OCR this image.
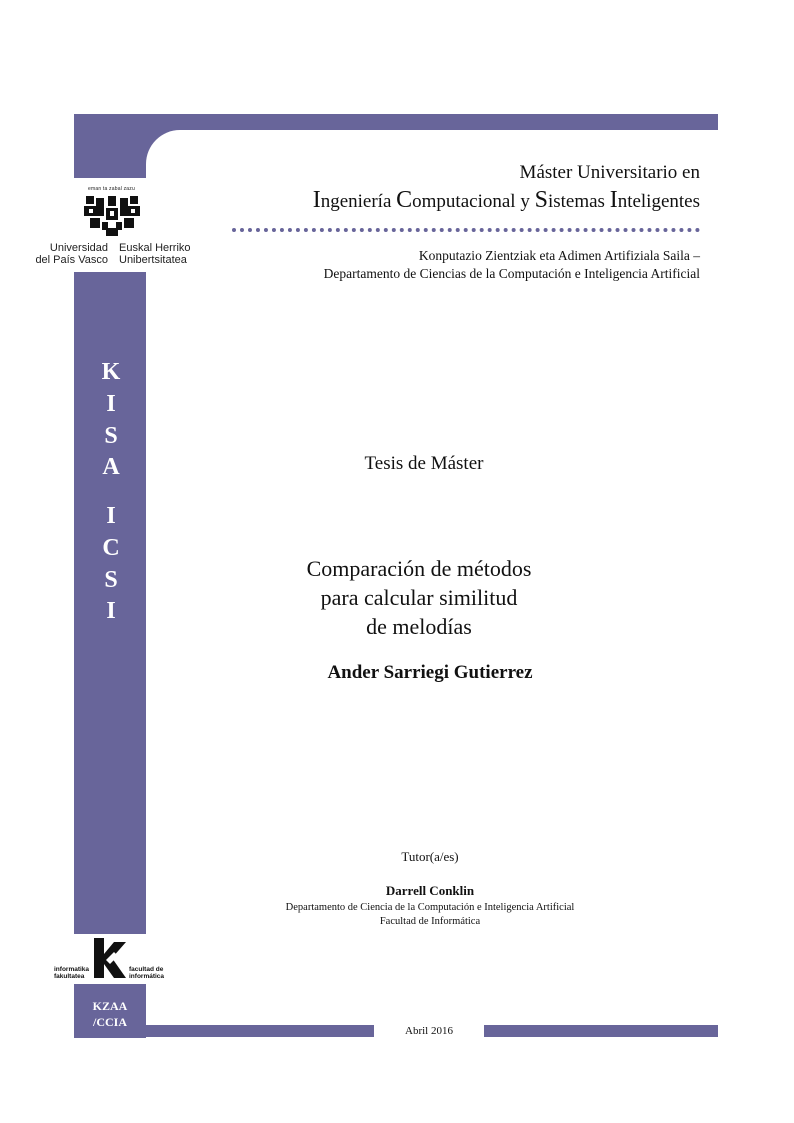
eman ta zabal zazu
Universidad
del País Vasco
Euskal Herriko
Unibertsitatea
Máster Universitario en
Ingeniería Computacional y Sistemas Inteligentes
Konputazio Zientziak eta Adimen Artifiziala Saila –
Departamento de Ciencias de la Computación e Inteligencia Artificial
K
I
S
A
I
C
S
I
informatika
fakultatea
facultad de
informática
KZAA
/CCIA
Tesis de Máster
Comparación de métodos
para calcular similitud
de melodías
Ander Sarriegi Gutierrez
Tutor(a/es)
Darrell Conklin
Departamento de Ciencia de la Computación e Inteligencia Artificial
Facultad de Informática
Abril 2016
